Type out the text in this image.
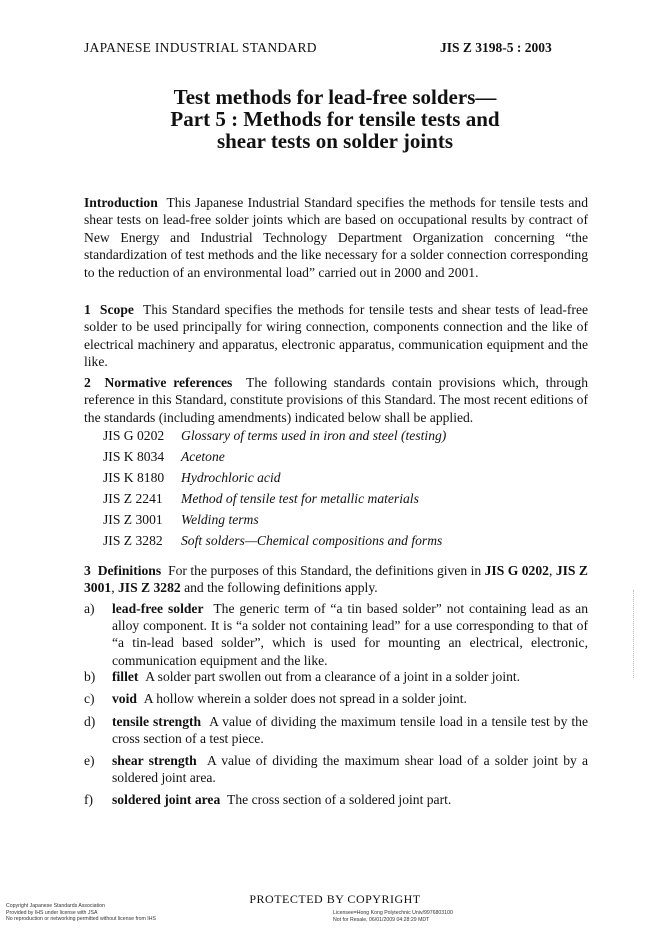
JAPANESE INDUSTRIAL STANDARD	JIS Z 3198-5 : 2003
Test methods for lead-free solders—
Part 5 : Methods for tensile tests and
shear tests on solder joints
Introduction This Japanese Industrial Standard specifies the methods for tensile tests and shear tests on lead-free solder joints which are based on occupational results by contract of New Energy and Industrial Technology Department Organization concerning “the standardization of test methods and the like necessary for a solder connection corresponding to the reduction of an environmental load” carried out in 2000 and 2001.
1 Scope This Standard specifies the methods for tensile tests and shear tests of lead-free solder to be used principally for wiring connection, components connection and the like of electrical machinery and apparatus, electronic apparatus, communication equipment and the like.
2 Normative references The following standards contain provisions which, through reference in this Standard, constitute provisions of this Standard. The most recent editions of the standards (including amendments) indicated below shall be applied.
JIS G 0202 Glossary of terms used in iron and steel (testing)
JIS K 8034 Acetone
JIS K 8180 Hydrochloric acid
JIS Z 2241 Method of tensile test for metallic materials
JIS Z 3001 Welding terms
JIS Z 3282 Soft solders—Chemical compositions and forms
3 Definitions For the purposes of this Standard, the definitions given in JIS G 0202, JIS Z 3001, JIS Z 3282 and the following definitions apply.
a) lead-free solder The generic term of “a tin based solder” not containing lead as an alloy component. It is “a solder not containing lead” for a use corresponding to that of “a tin-lead based solder”, which is used for mounting an electrical, electronic, communication equipment and the like.
b) fillet A solder part swollen out from a clearance of a joint in a solder joint.
c) void A hollow wherein a solder does not spread in a solder joint.
d) tensile strength A value of dividing the maximum tensile load in a tensile test by the cross section of a test piece.
e) shear strength A value of dividing the maximum shear load of a solder joint by a soldered joint area.
f) soldered joint area The cross section of a soldered joint part.
PROTECTED BY COPYRIGHT
Copyright Japanese Standards Association
Provided by IHS under license with JSA
No reproduction or networking permitted without license from IHS
Licensee=Hong Kong Polytechnic Univ/9976803100
Not for Resale, 06/01/2009 04:28:29 MDT
